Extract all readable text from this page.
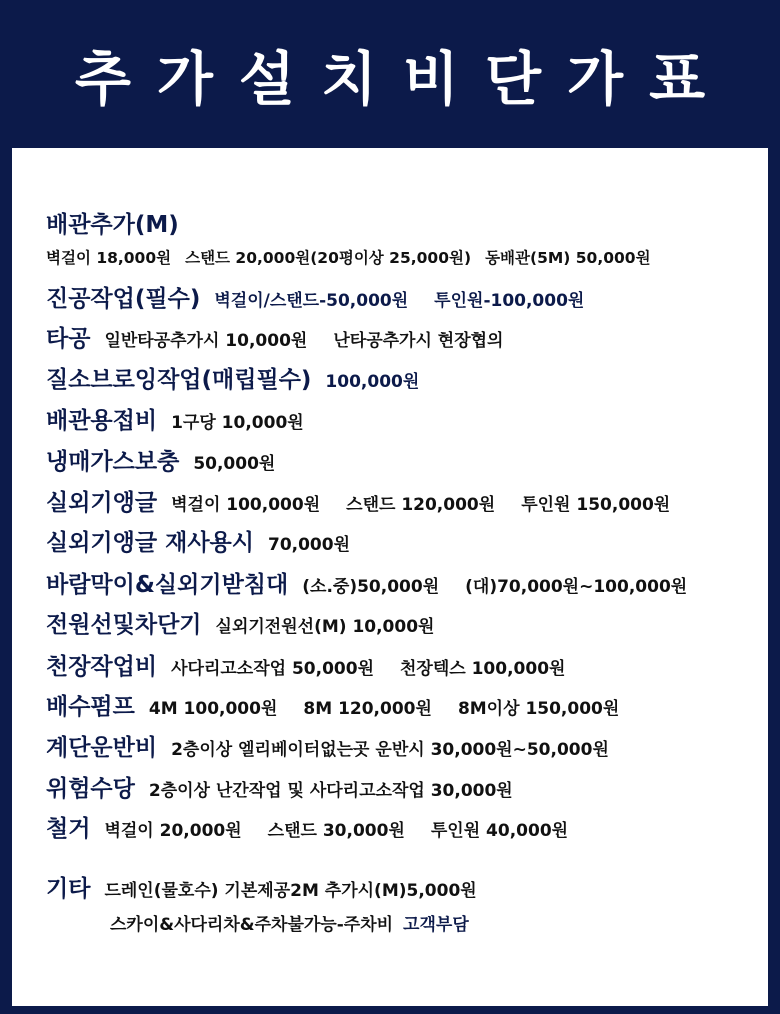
추가설치비단가표
배관추가(M)
벽걸이 18,000원 스탠드 20,000원(20평이상 25,000원) 동배관(5M) 50,000원
진공작업(필수) 벽걸이/스탠드-50,000원 투인원-100,000원
타공 일반타공추가시 10,000원 난타공추가시 현장협의
질소브로잉작업(매립필수) 100,000원
배관용접비 1구당 10,000원
냉매가스보충 50,000원
실외기앵글 벽걸이 100,000원 스탠드 120,000원 투인원 150,000원
실외기앵글 재사용시 70,000원
바람막이&실외기받침대 (소.중)50,000원 (대)70,000원~100,000원
전원선및차단기 실외기전원선(M) 10,000원
천장작업비 사다리고소작업 50,000원 천장텍스 100,000원
배수펌프 4M 100,000원 8M 120,000원 8M이상 150,000원
계단운반비 2층이상 엘리베이터없는곳 운반시 30,000원~50,000원
위험수당 2층이상 난간작업 및 사다리고소작업 30,000원
철거 벽걸이 20,000원 스탠드 30,000원 투인원 40,000원
기타 드레인(물호수) 기본제공2M 추가시(M)5,000원
스카이&사다리차&주차불가능-주차비 고객부담
